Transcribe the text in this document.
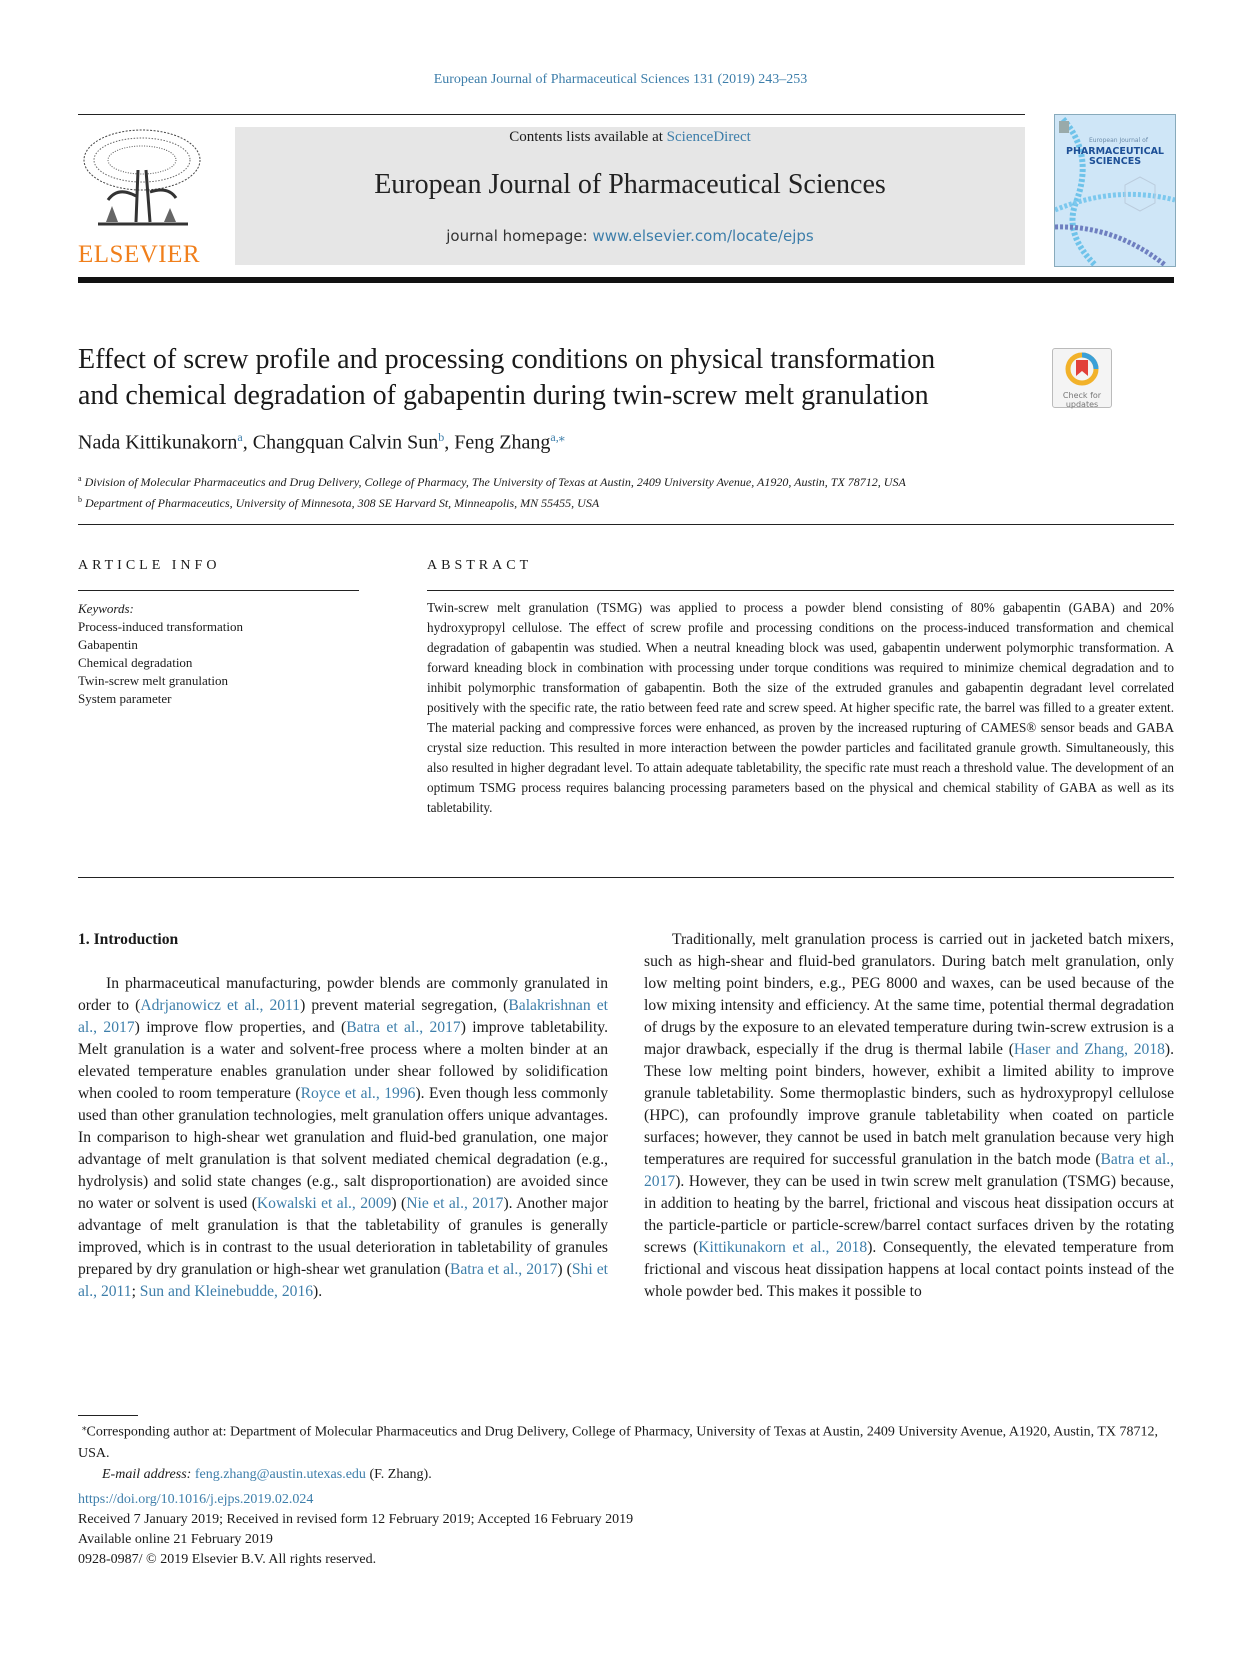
European Journal of Pharmaceutical Sciences 131 (2019) 243–253
ELSEVIER
Contents lists available at ScienceDirect
European Journal of Pharmaceutical Sciences
journal homepage: www.elsevier.com/locate/ejps
European Journal of
PHARMACEUTICAL
SCIENCES
Effect of screw profile and processing conditions on physical transformation
and chemical degradation of gabapentin during twin-screw melt granulation	Check for
updates
Nada Kittikunakorn$^a$, Changquan Calvin Sun$^b$, Feng Zhang$^{a,⁎}$
$^a$ Division of Molecular Pharmaceutics and Drug Delivery, College of Pharmacy, The University of Texas at Austin, 2409 University Avenue, A1920, Austin, TX 78712, USA
$^b$ Department of Pharmaceutics, University of Minnesota, 308 SE Harvard St, Minneapolis, MN 55455, USA
ARTICLE INFO
Keywords:
Process-induced transformation
Gabapentin
Chemical degradation
Twin-screw melt granulation
System parameter
ABSTRACT
Twin-screw melt granulation (TSMG) was applied to process a powder blend consisting of 80% gabapentin (GABA) and 20% hydroxypropyl cellulose. The effect of screw profile and processing conditions on the process-induced transformation and chemical degradation of gabapentin was studied. When a neutral kneading block was used, gabapentin underwent polymorphic transformation. A forward kneading block in combination with processing under torque conditions was required to minimize chemical degradation and to inhibit polymorphic transformation of gabapentin. Both the size of the extruded granules and gabapentin degradant level correlated positively with the specific rate, the ratio between feed rate and screw speed. At higher specific rate, the barrel was filled to a greater extent. The material packing and compressive forces were enhanced, as proven by the increased rupturing of CAMES® sensor beads and GABA crystal size reduction. This resulted in more interaction between the powder particles and facilitated granule growth. Simultaneously, this also resulted in higher degradant level. To attain adequate tabletability, the specific rate must reach a threshold value. The development of an optimum TSMG process requires balancing processing parameters based on the physical and chemical stability of GABA as well as its tabletability.
1. Introduction

In pharmaceutical manufacturing, powder blends are commonly granulated in order to (Adrjanowicz et al., 2011) prevent material segregation, (Balakrishnan et al., 2017) improve flow properties, and (Batra et al., 2017) improve tabletability. Melt granulation is a water and solvent-free process where a molten binder at an elevated temperature enables granulation under shear followed by solidification when cooled to room temperature (Royce et al., 1996). Even though less commonly used than other granulation technologies, melt granulation offers unique advantages. In comparison to high-shear wet granulation and fluid-bed granulation, one major advantage of melt granulation is that solvent mediated chemical degradation (e.g., hydrolysis) and solid state changes (e.g., salt disproportionation) are avoided since no water or solvent is used (Kowalski et al., 2009) (Nie et al., 2017). Another major advantage of melt granulation is that the tabletability of granules is generally improved, which is in contrast to the usual deterioration in tabletability of granules prepared by dry granulation or high-shear wet granulation (Batra et al., 2017) (Shi et al., 2011; Sun and Kleinebudde, 2016).

Traditionally, melt granulation process is carried out in jacketed batch mixers, such as high-shear and fluid-bed granulators. During batch melt granulation, only low melting point binders, e.g., PEG 8000 and waxes, can be used because of the low mixing intensity and efficiency. At the same time, potential thermal degradation of drugs by the exposure to an elevated temperature during twin-screw extrusion is a major drawback, especially if the drug is thermal labile (Haser and Zhang, 2018). These low melting point binders, however, exhibit a limited ability to improve granule tabletability. Some thermoplastic binders, such as hydroxypropyl cellulose (HPC), can profoundly improve granule tabletability when coated on particle surfaces; however, they cannot be used in batch melt granulation because very high temperatures are required for successful granulation in the batch mode (Batra et al., 2017). However, they can be used in twin screw melt granulation (TSMG) because, in addition to heating by the barrel, frictional and viscous heat dissipation occurs at the particle-particle or particle-screw/barrel contact surfaces driven by the rotating screws (Kittikunakorn et al., 2018). Consequently, the elevated temperature from frictional and viscous heat dissipation happens at local contact points instead of the whole powder bed. This makes it possible to

⁎Corresponding author at: Department of Molecular Pharmaceutics and Drug Delivery, College of Pharmacy, University of Texas at Austin, 2409 University Avenue, A1920, Austin, TX 78712, USA.
E-mail address: feng.zhang@austin.utexas.edu (F. Zhang).
https://doi.org/10.1016/j.ejps.2019.02.024
Received 7 January 2019; Received in revised form 12 February 2019; Accepted 16 February 2019
Available online 21 February 2019
0928-0987/ © 2019 Elsevier B.V. All rights reserved.
